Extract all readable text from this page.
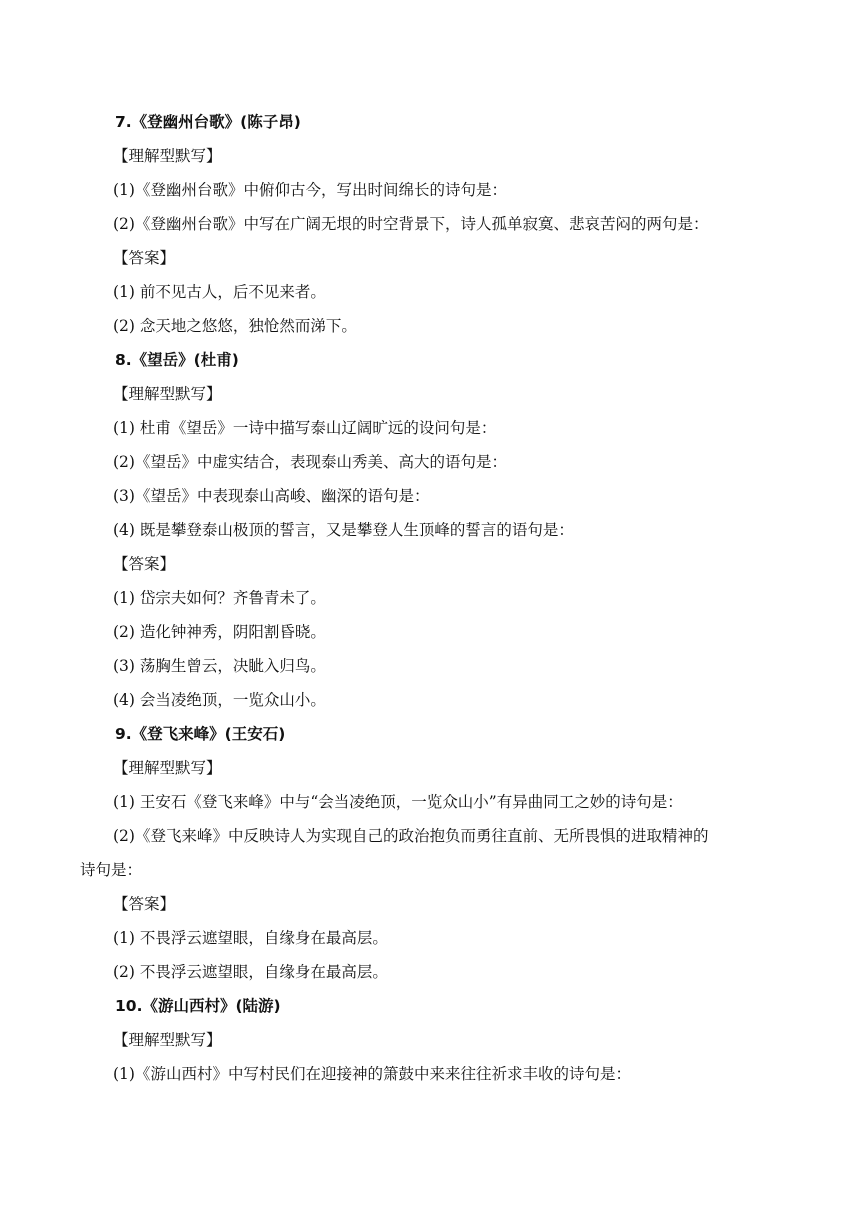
7.《登幽州台歌》(陈子昂)
【理解型默写】
(1)《登幽州台歌》中俯仰古今，写出时间绵长的诗句是：
(2)《登幽州台歌》中写在广阔无垠的时空背景下，诗人孤单寂寞、悲哀苦闷的两句是：
【答案】
(1) 前不见古人，后不见来者。
(2) 念天地之悠悠，独怆然而涕下。
8.《望岳》(杜甫)
【理解型默写】
(1) 杜甫《望岳》一诗中描写泰山辽阔旷远的设问句是：
(2)《望岳》中虚实结合，表现泰山秀美、高大的语句是：
(3)《望岳》中表现泰山高峻、幽深的语句是：
(4) 既是攀登泰山极顶的誓言，又是攀登人生顶峰的誓言的语句是：
【答案】
(1) 岱宗夫如何？齐鲁青未了。
(2) 造化钟神秀，阴阳割昏晓。
(3) 荡胸生曾云，决眦入归鸟。
(4) 会当凌绝顶，一览众山小。
9.《登飞来峰》(王安石)
【理解型默写】
(1) 王安石《登飞来峰》中与“会当凌绝顶，一览众山小”有异曲同工之妙的诗句是：
(2)《登飞来峰》中反映诗人为实现自己的政治抱负而勇往直前、无所畏惧的进取精神的
诗句是：
【答案】
(1) 不畏浮云遮望眼，自缘身在最高层。
(2) 不畏浮云遮望眼，自缘身在最高层。
10.《游山西村》(陆游)
【理解型默写】
(1)《游山西村》中写村民们在迎接神的箫鼓中来来往往祈求丰收的诗句是：
